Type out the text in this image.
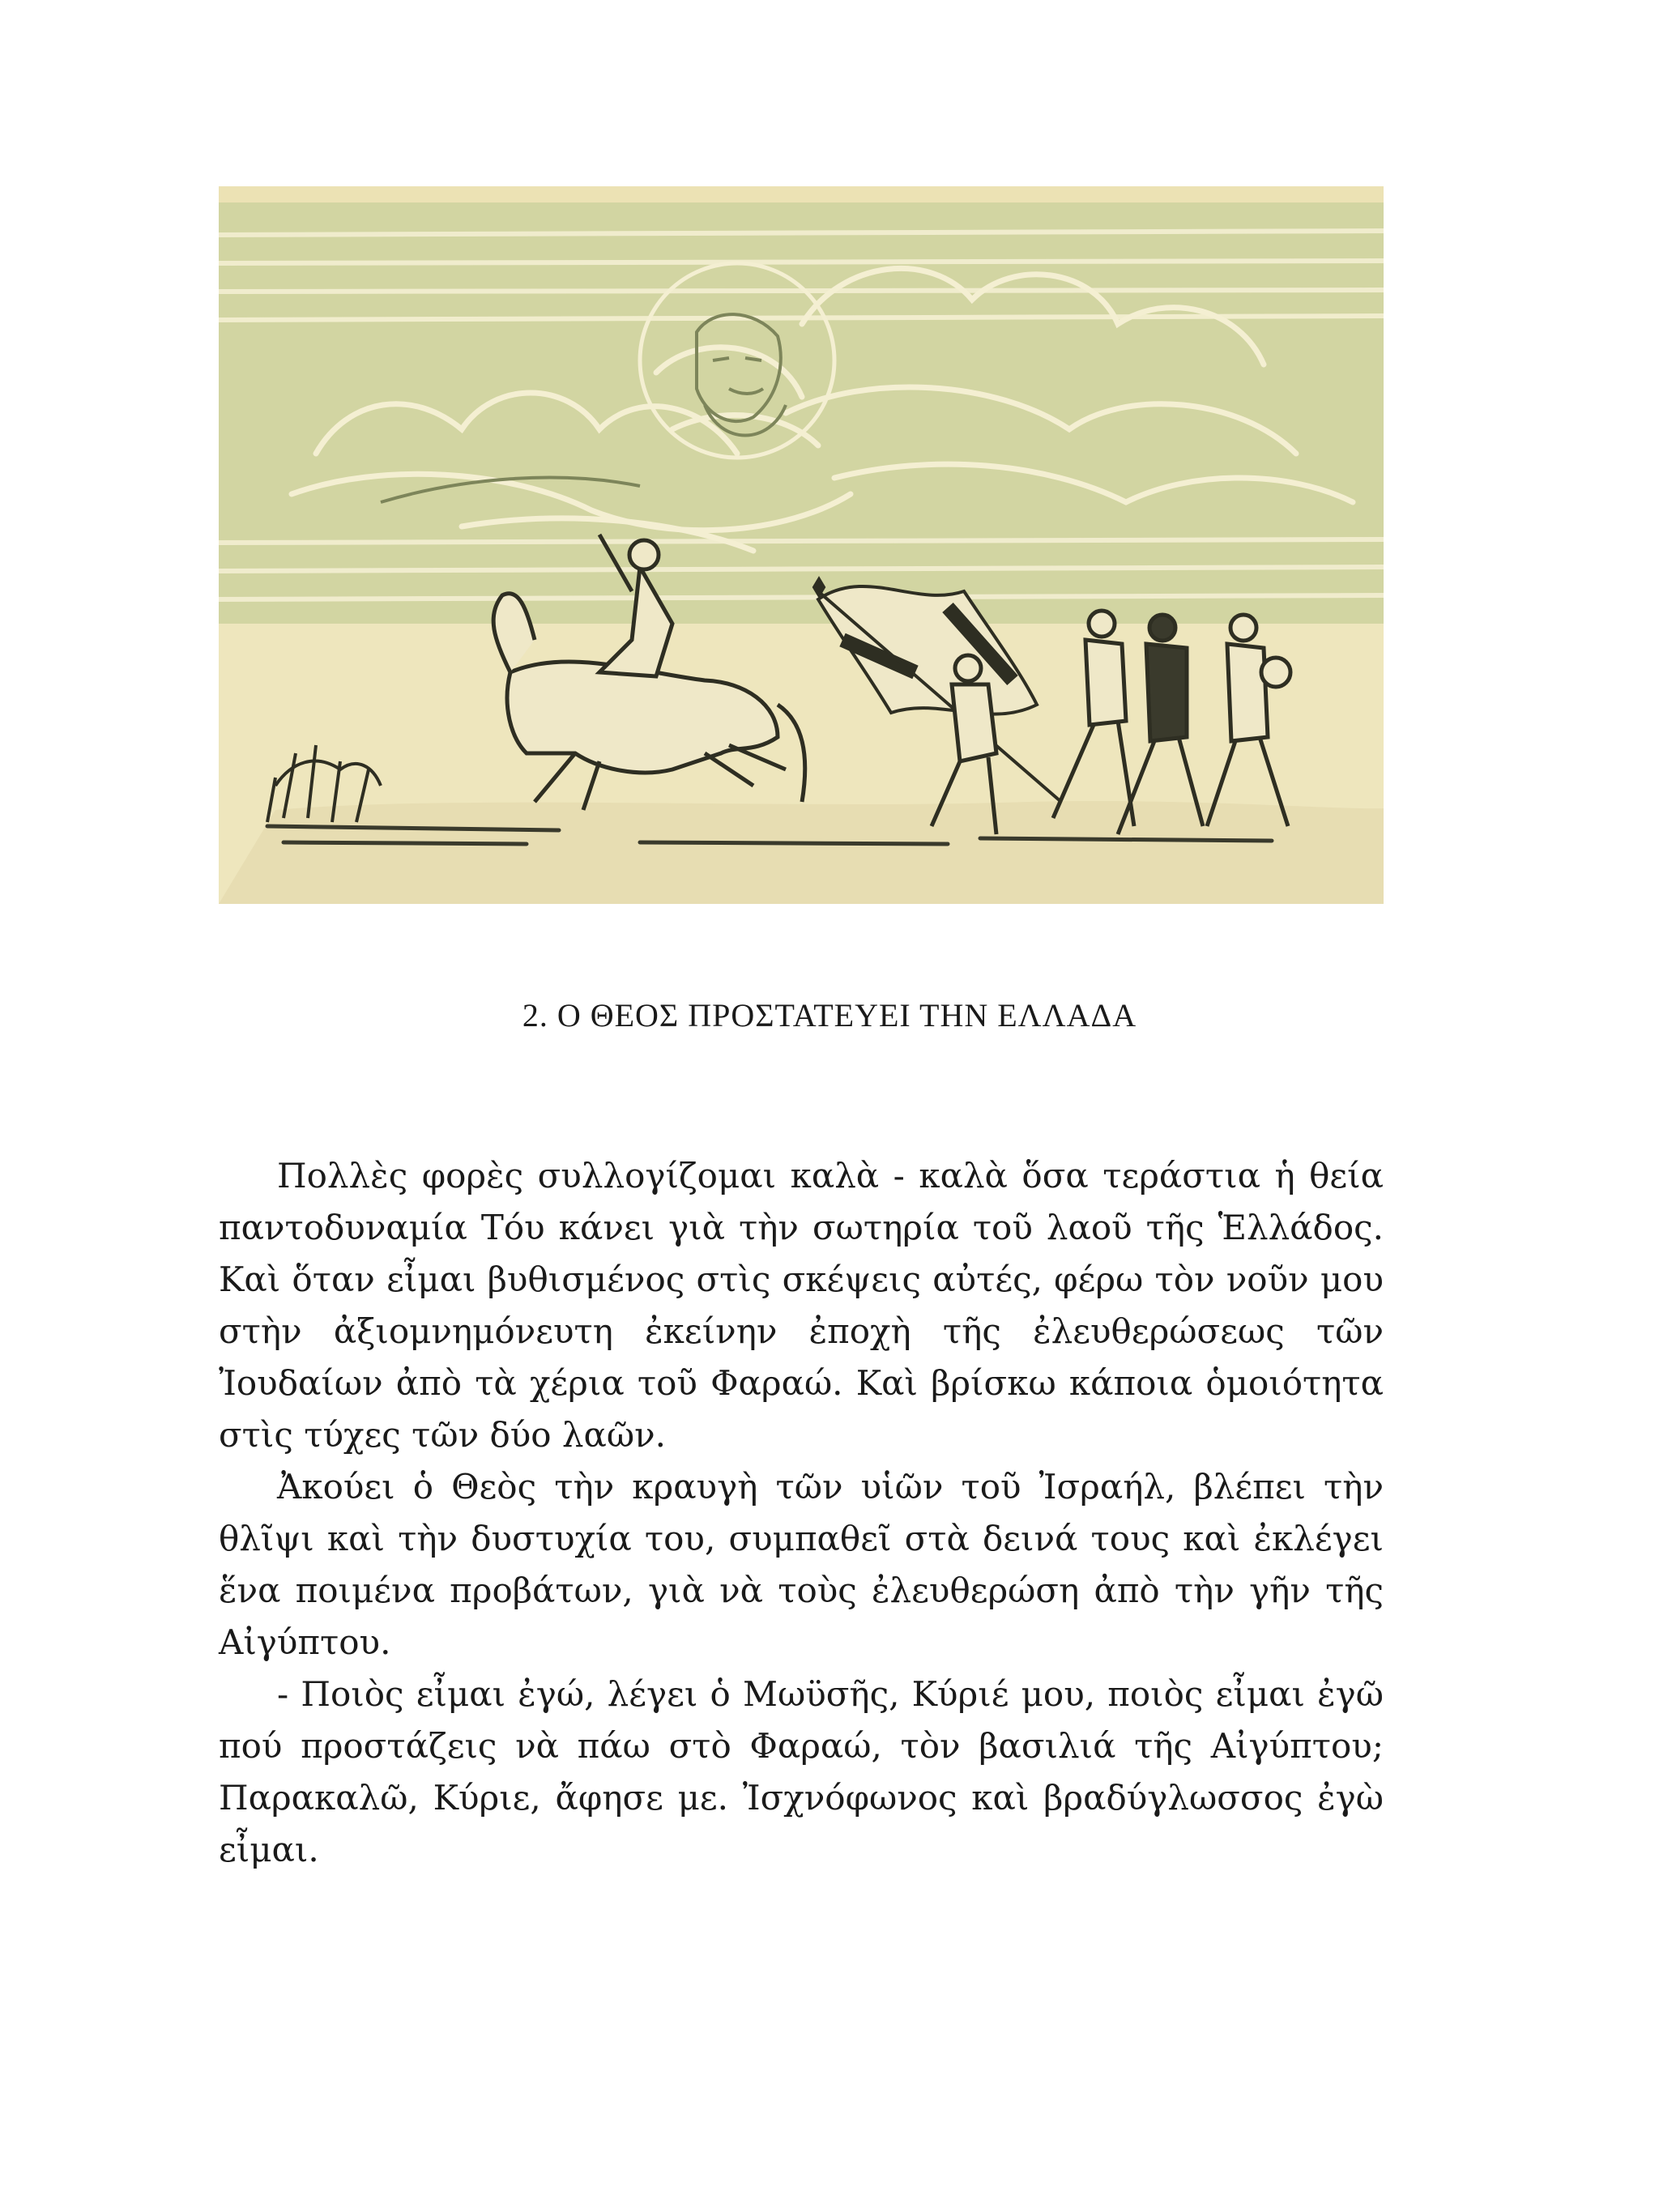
2. Ο ΘΕΟΣ ΠΡΟΣΤΑΤΕΥΕΙ ΤΗΝ ΕΛΛΑΔΑ

Πολλὲς φορὲς συλλογίζομαι καλὰ - καλὰ ὅσα τεράστια ἡ θεία παντοδυναμία Τόυ κάνει γιὰ τὴν σωτηρία τοῦ λαοῦ τῆς Ἑλλάδος. Καὶ ὅταν εἶμαι βυθισμένος στὶς σκέψεις αὐτές, φέρω τὸν νοῦν μου στὴν ἀξιομνημόνευτη ἐκείνην ἐποχὴ τῆς ἐλευθερώσεως τῶν Ἰουδαίων ἀπὸ τὰ χέρια τοῦ Φαραώ. Καὶ βρίσκω κάποια ὁμοιότητα στὶς τύχες τῶν δύο λαῶν.

Ἀκούει ὁ Θεὸς τὴν κραυγὴ τῶν υἱῶν τοῦ Ἰσραήλ, βλέπει τὴν θλῖψι καὶ τὴν δυστυχία του, συμπαθεῖ στὰ δεινά τους καὶ ἐκλέγει ἕνα ποιμένα προβάτων, γιὰ νὰ τοὺς ἐλευθερώση ἀπὸ τὴν γῆν τῆς Αἰγύπτου.

- Ποιὸς εἶμαι ἐγώ, λέγει ὁ Μωϋσῆς, Κύριέ μου, ποιὸς εἶμαι ἐγῶ πού προστάζεις νὰ πάω στὸ Φαραώ, τὸν βασιλιά τῆς Αἰγύπτου; Παρακαλῶ, Κύριε, ἄφησε με. Ἰσχνόφωνος καὶ βραδύγλωσσος ἐγὼ εἶμαι.
